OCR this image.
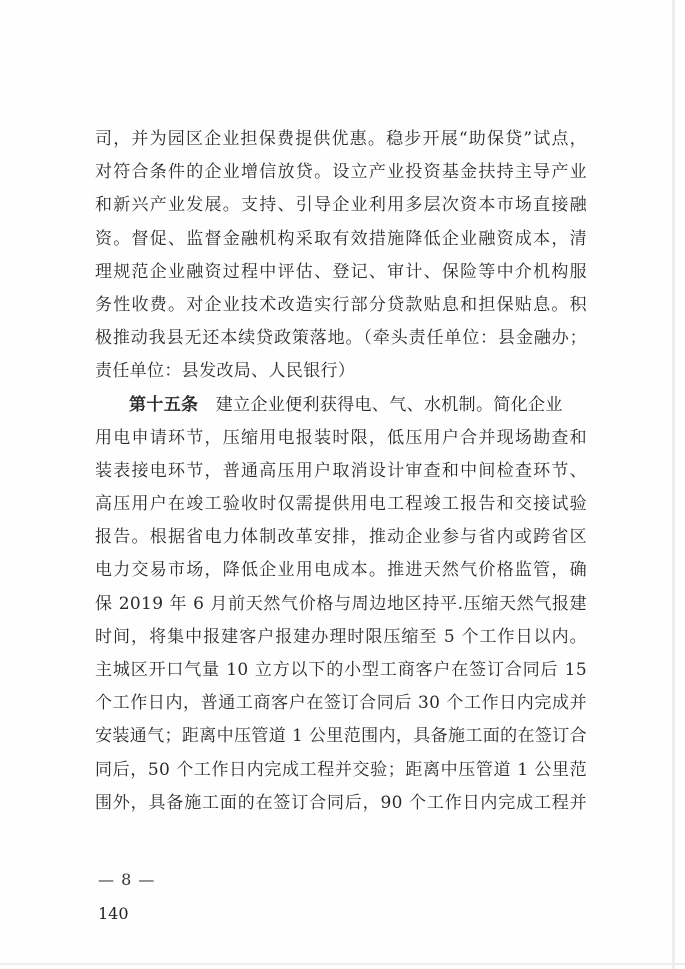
司，并为园区企业担保费提供优惠。稳步开展“助保贷”试点，
对符合条件的企业增信放贷。设立产业投资基金扶持主导产业
和新兴产业发展。支持、引导企业利用多层次资本市场直接融
资。督促、监督金融机构采取有效措施降低企业融资成本，清
理规范企业融资过程中评估、登记、审计、保险等中介机构服
务性收费。对企业技术改造实行部分贷款贴息和担保贴息。积
极推动我县无还本续贷政策落地。（牵头责任单位：县金融办；
责任单位：县发改局、人民银行）
第十五条　建立企业便利获得电、气、水机制。简化企业
用电申请环节，压缩用电报装时限，低压用户合并现场勘查和
装表接电环节，普通高压用户取消设计审查和中间检查环节、
高压用户在竣工验收时仅需提供用电工程竣工报告和交接试验
报告。根据省电力体制改革安排，推动企业参与省内或跨省区
电力交易市场，降低企业用电成本。推进天然气价格监管，确
保 2019 年 6 月前天然气价格与周边地区持平.压缩天然气报建
时间，将集中报建客户报建办理时限压缩至 5 个工作日以内。
主城区开口气量 10 立方以下的小型工商客户在签订合同后 15
个工作日内，普通工商客户在签订合同后 30 个工作日内完成并
安装通气；距离中压管道 1 公里范围内，具备施工面的在签订合
同后，50 个工作日内完成工程并交验；距离中压管道 1 公里范
围外，具备施工面的在签订合同后，90 个工作日内完成工程并
— 8 —
140
